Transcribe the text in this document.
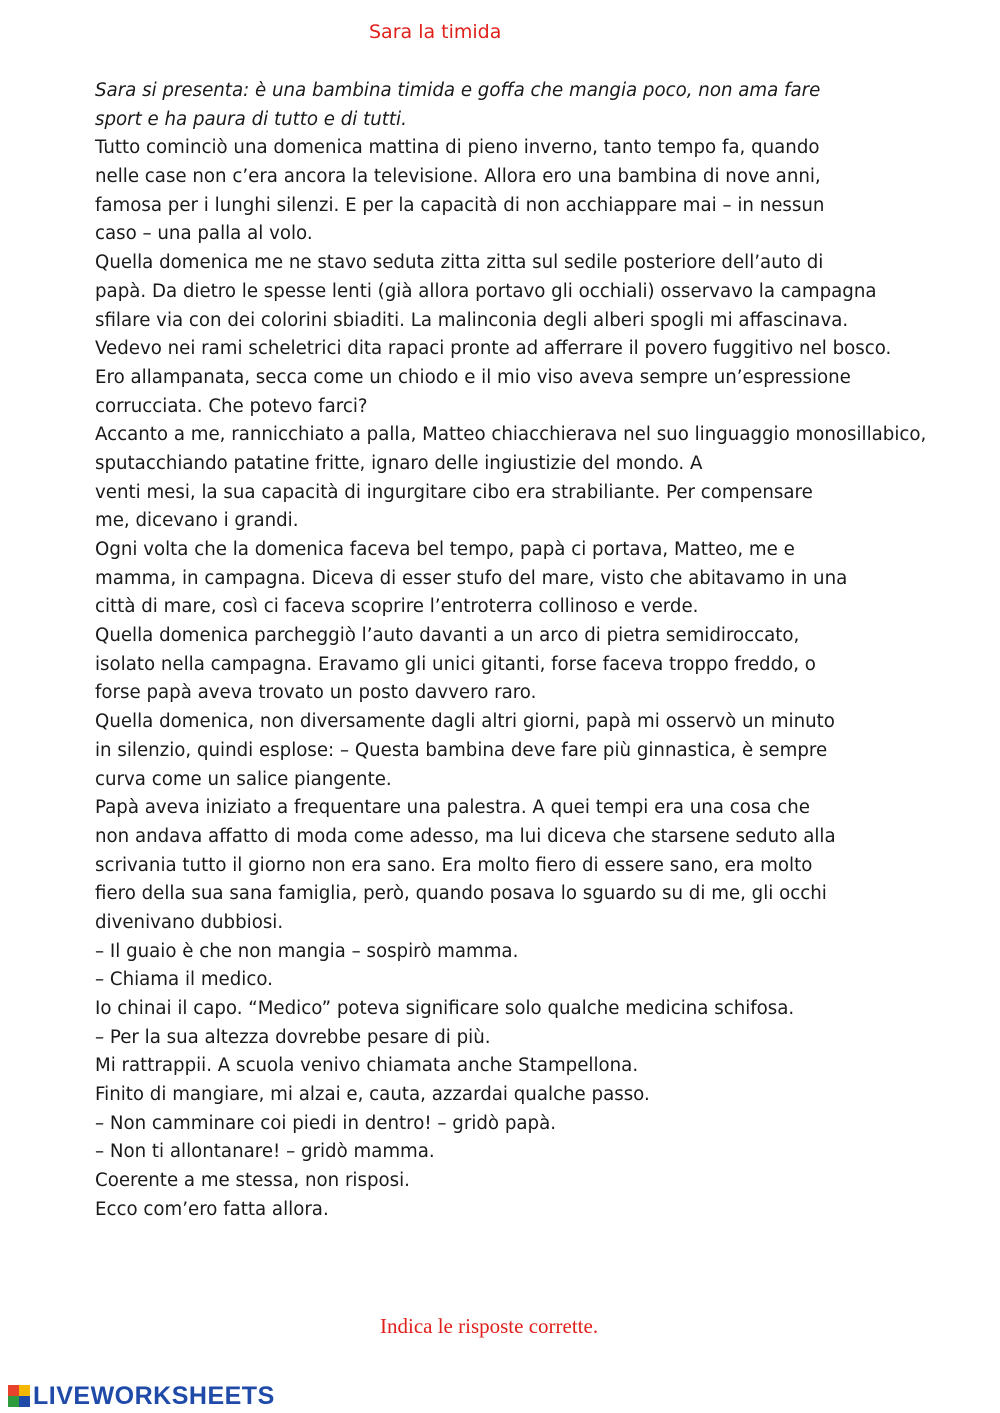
Sara la timida
Sara si presenta: è una bambina timida e goffa che mangia poco, non ama fare
sport e ha paura di tutto e di tutti.
Tutto cominciò una domenica mattina di pieno inverno, tanto tempo fa, quando
nelle case non c’era ancora la televisione. Allora ero una bambina di nove anni,
famosa per i lunghi silenzi. E per la capacità di non acchiappare mai – in nessun
caso – una palla al volo.
Quella domenica me ne stavo seduta zitta zitta sul sedile posteriore dell’auto di
papà. Da dietro le spesse lenti (già allora portavo gli occhiali) osservavo la campagna
sfilare via con dei colorini sbiaditi. La malinconia degli alberi spogli mi affascinava.
Vedevo nei rami scheletrici dita rapaci pronte ad afferrare il povero fuggitivo nel bosco.
Ero allampanata, secca come un chiodo e il mio viso aveva sempre un’espressione
corrucciata. Che potevo farci?
Accanto a me, rannicchiato a palla, Matteo chiacchierava nel suo linguaggio monosillabico,
sputacchiando patatine fritte, ignaro delle ingiustizie del mondo. A
venti mesi, la sua capacità di ingurgitare cibo era strabiliante. Per compensare
me, dicevano i grandi.
Ogni volta che la domenica faceva bel tempo, papà ci portava, Matteo, me e
mamma, in campagna. Diceva di esser stufo del mare, visto che abitavamo in una
città di mare, così ci faceva scoprire l’entroterra collinoso e verde.
Quella domenica parcheggiò l’auto davanti a un arco di pietra semidiroccato,
isolato nella campagna. Eravamo gli unici gitanti, forse faceva troppo freddo, o
forse papà aveva trovato un posto davvero raro.
Quella domenica, non diversamente dagli altri giorni, papà mi osservò un minuto
in silenzio, quindi esplose: – Questa bambina deve fare più ginnastica, è sempre
curva come un salice piangente.
Papà aveva iniziato a frequentare una palestra. A quei tempi era una cosa che
non andava affatto di moda come adesso, ma lui diceva che starsene seduto alla
scrivania tutto il giorno non era sano. Era molto fiero di essere sano, era molto
fiero della sua sana famiglia, però, quando posava lo sguardo su di me, gli occhi
divenivano dubbiosi.
– Il guaio è che non mangia – sospirò mamma.
– Chiama il medico.
Io chinai il capo. “Medico” poteva significare solo qualche medicina schifosa.
– Per la sua altezza dovrebbe pesare di più.
Mi rattrappii. A scuola venivo chiamata anche Stampellona.
Finito di mangiare, mi alzai e, cauta, azzardai qualche passo.
– Non camminare coi piedi in dentro! – gridò papà.
– Non ti allontanare! – gridò mamma.
Coerente a me stessa, non risposi.
Ecco com’ero fatta allora.
Indica le risposte corrette.
LIVEWORKSHEETS
